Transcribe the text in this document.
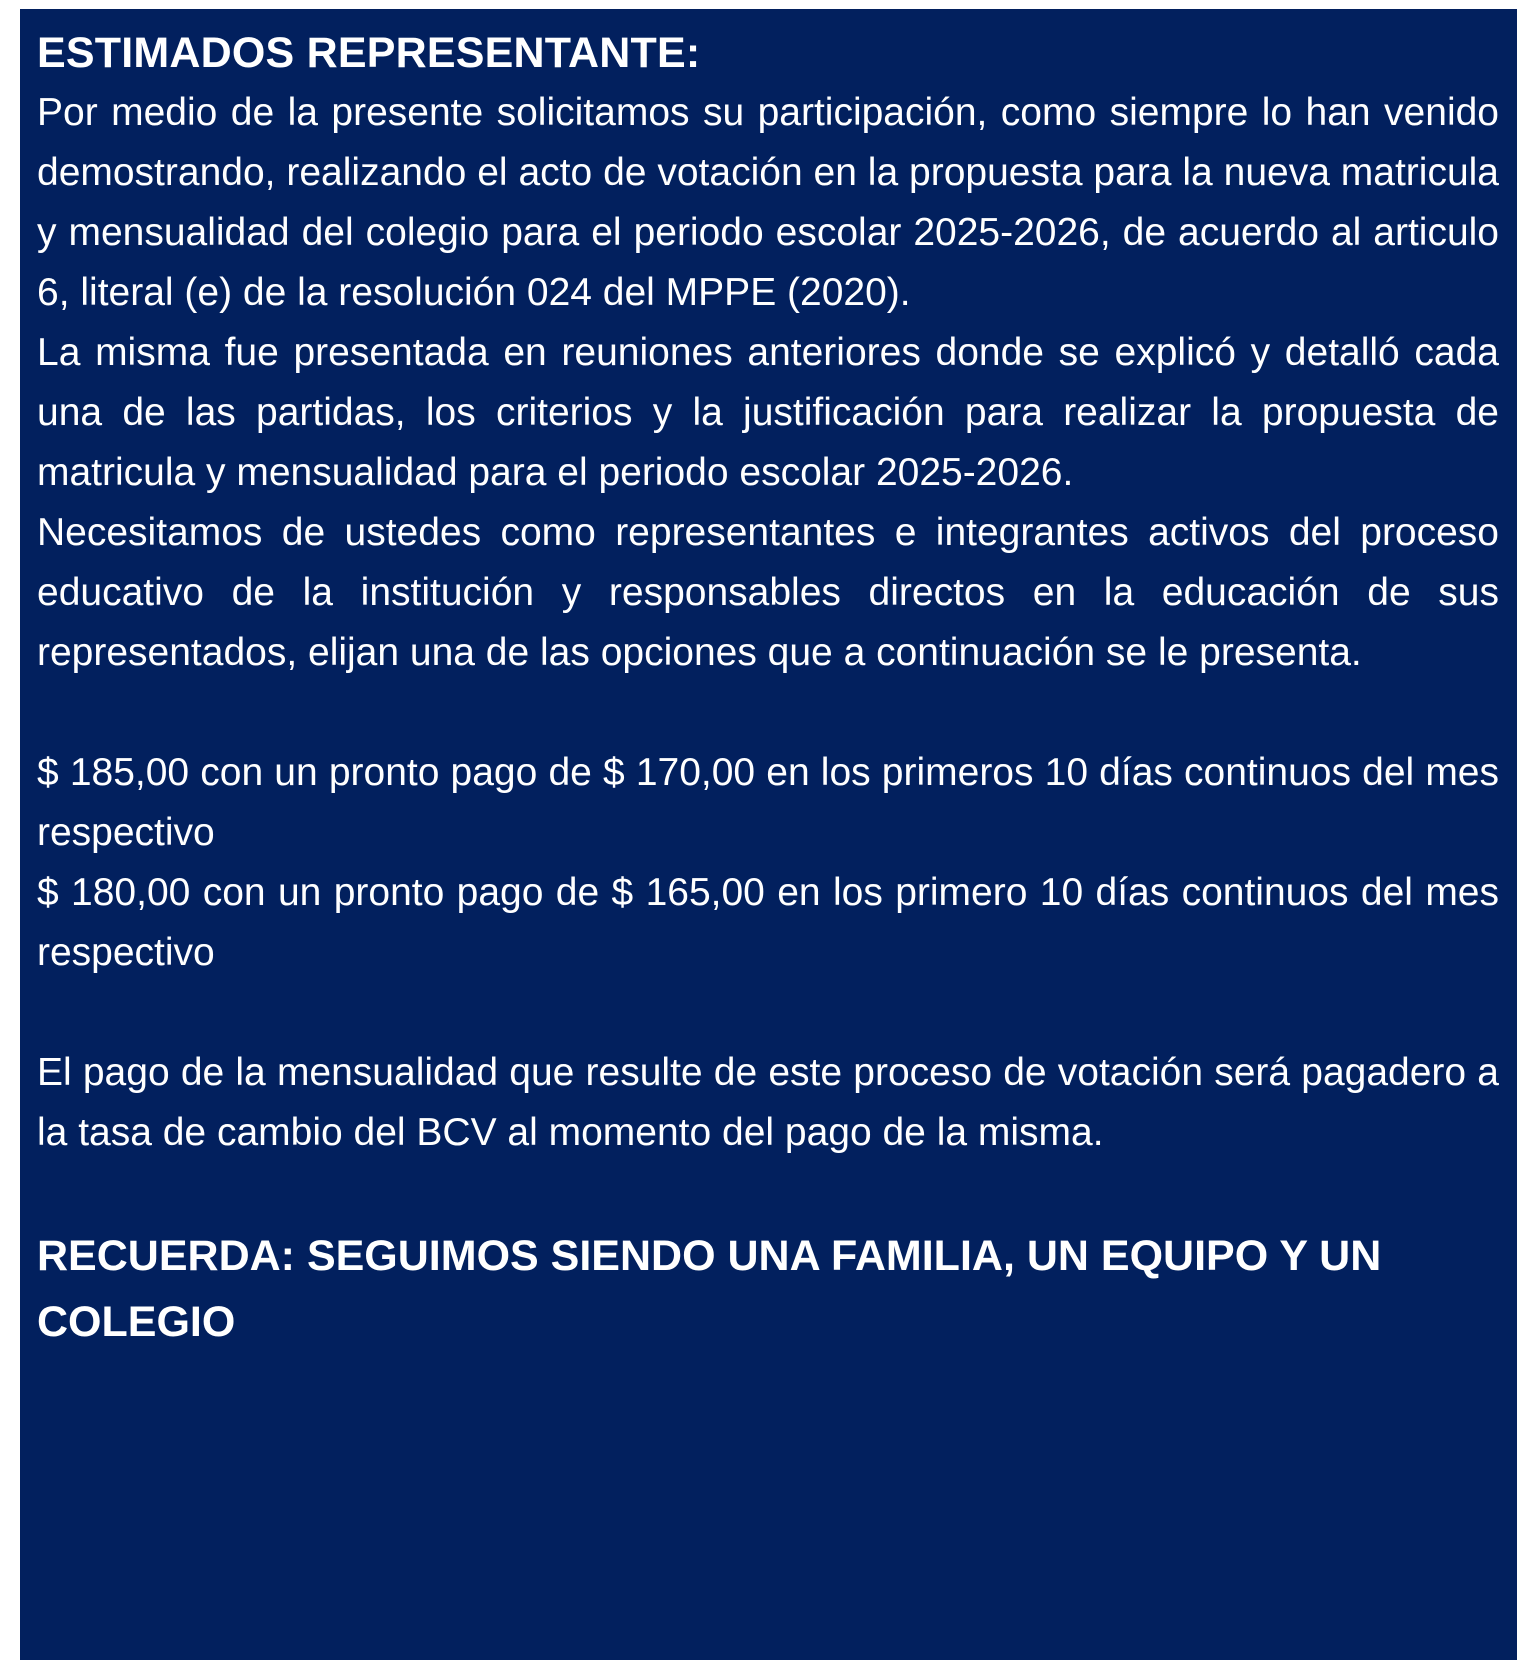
ESTIMADOS REPRESENTANTE:

Por medio de la presente solicitamos su participación, como siempre lo han venido demostrando, realizando el acto de votación en la propuesta para la nueva matricula y mensualidad del colegio para el periodo escolar 2025-2026, de acuerdo al articulo 6, literal (e) de la resolución 024 del MPPE (2020).

La misma fue presentada en reuniones anteriores donde se explicó y detalló cada una de las partidas, los criterios y la justificación para realizar la propuesta de matricula y mensualidad para el periodo escolar 2025-2026.

Necesitamos de ustedes como representantes e integrantes activos del proceso educativo de la institución y responsables directos en la educación de sus representados, elijan una de las opciones que a continuación se le presenta.

$ 185,00 con un pronto pago de $ 170,00 en los primeros 10 días continuos del mes respectivo

$ 180,00 con un pronto pago de $ 165,00 en los primero 10 días continuos del mes respectivo

El pago de la mensualidad que resulte de este proceso de votación será pagadero a la tasa de cambio del BCV al momento del pago de la misma.

RECUERDA: SEGUIMOS SIENDO UNA FAMILIA, UN EQUIPO Y UN COLEGIO
